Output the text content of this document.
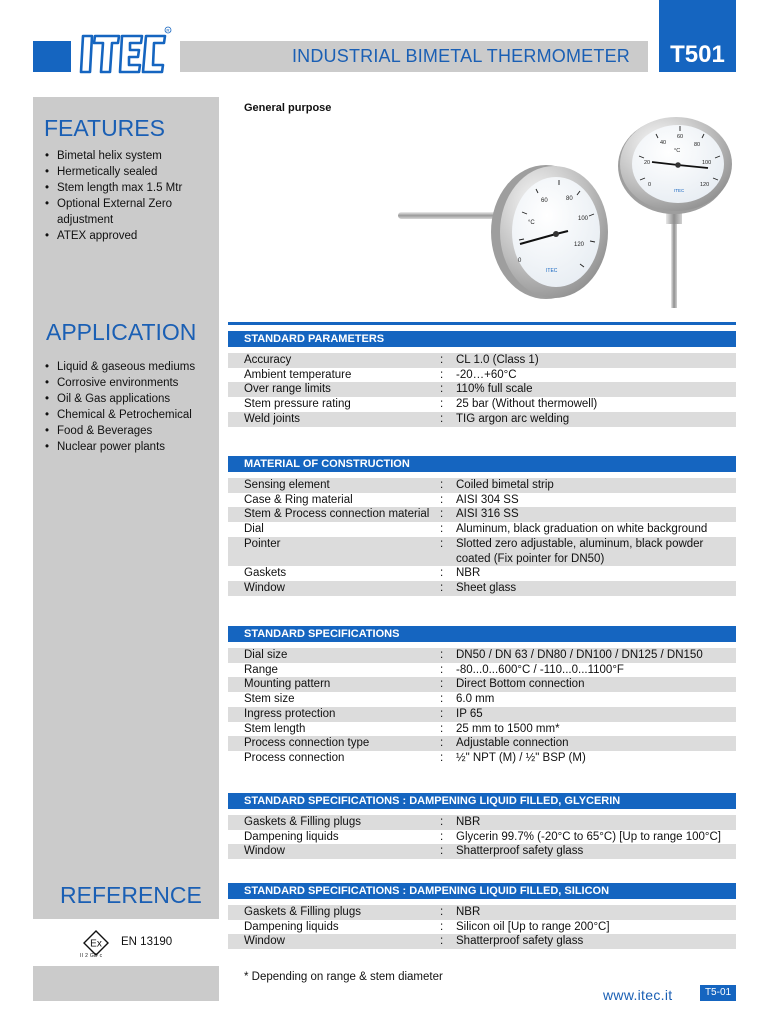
R
INDUSTRIAL BIMETAL THERMOMETER	T501
FEATURES
• Bimetal helix system
• Hermetically sealed
• Stem length max 1.5 Mtr
• Optional External Zero adjustment
• ATEX approved
APPLICATION
• Liquid & gaseous mediums
• Corrosive environments
• Oil & Gas applications
• Chemical & Petrochemical
• Food & Beverages
• Nuclear power plants
REFERENCE
Ex
II 2 GD c
EN 13190
General purpose
60	80
100
120
°C
0
ITEC
40
60
80
100
120
20
0
°C
ITEC
STANDARD PARAMETERS
Accuracy	:	CL 1.0 (Class 1)
Ambient temperature	:	-20…+60°C
Over range limits	:	110% full scale
Stem pressure rating	:	25 bar (Without thermowell)
Weld joints	:	TIG argon arc welding
MATERIAL OF CONSTRUCTION
Sensing element	:	Coiled bimetal strip
Case & Ring material	:	AISI 304 SS
Stem & Process connection material :	AISI 316 SS
Dial	:	Aluminum, black graduation on white background
Pointer	:	Slotted zero adjustable, aluminum, black powder coated (Fix pointer for DN50)
Gaskets	:	NBR
Window	:	Sheet glass
STANDARD SPECIFICATIONS
Dial size	:	DN50 / DN 63 / DN80 / DN100 / DN125 / DN150
Range	:	-80...0...600°C / -110...0...1100°F
Mounting pattern	:	Direct Bottom connection
Stem size	:	6.0 mm
Ingress protection	:	IP 65
Stem length	:	25 mm to 1500 mm*
Process connection type	:	Adjustable connection
Process connection	:	½" NPT (M) / ½" BSP (M)
STANDARD SPECIFICATIONS : DAMPENING LIQUID FILLED, GLYCERIN
Gaskets & Filling plugs	:	NBR
Dampening liquids	:	Glycerin 99.7% (-20°C to 65°C) [Up to range 100°C]
Window	:	Shatterproof safety glass
STANDARD SPECIFICATIONS : DAMPENING LIQUID FILLED, SILICON
Gaskets & Filling plugs	:	NBR
Dampening liquids	:	Silicon oil [Up to range 200°C]
Window	:	Shatterproof safety glass
* Depending on range & stem diameter
www.itec.it	T5-01
